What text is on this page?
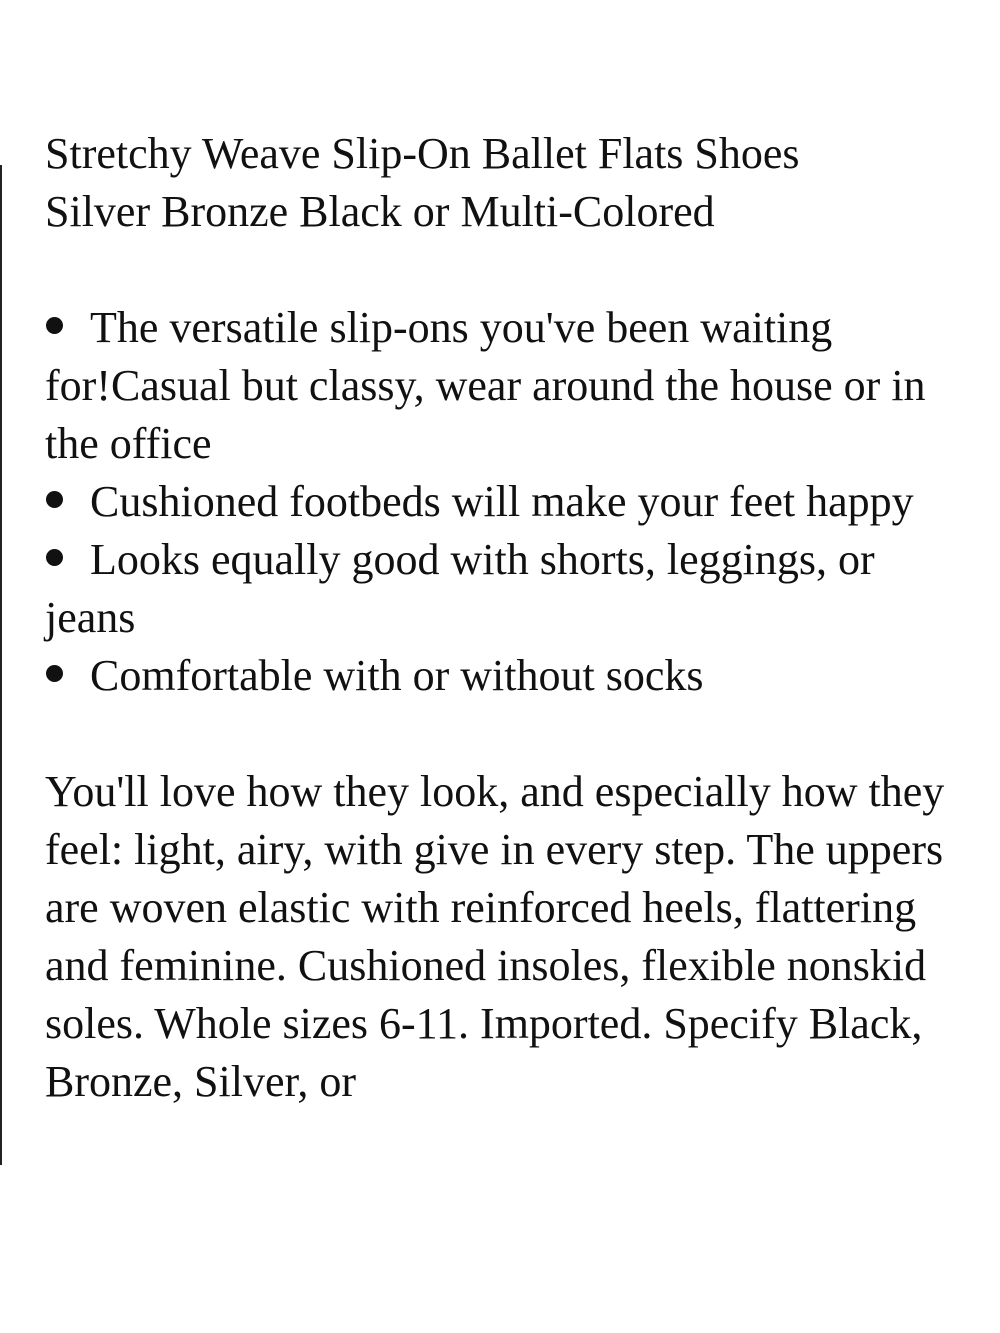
Stretchy Weave Slip-On Ballet Flats Shoes

Silver Bronze Black or Multi-Colored

The versatile slip-ons you've been waiting for!Casual but classy, wear around the house or in the office
Cushioned footbeds will make your feet happy
Looks equally good with shorts, leggings, or jeans
Comfortable with or without socks

You'll love how they look, and especially how they feel: light, airy, with give in every step. The uppers are woven elastic with reinforced heels, flattering and feminine. Cushioned insoles, flexible nonskid soles. Whole sizes 6-11. Imported. Specify Black, Bronze, Silver, or
